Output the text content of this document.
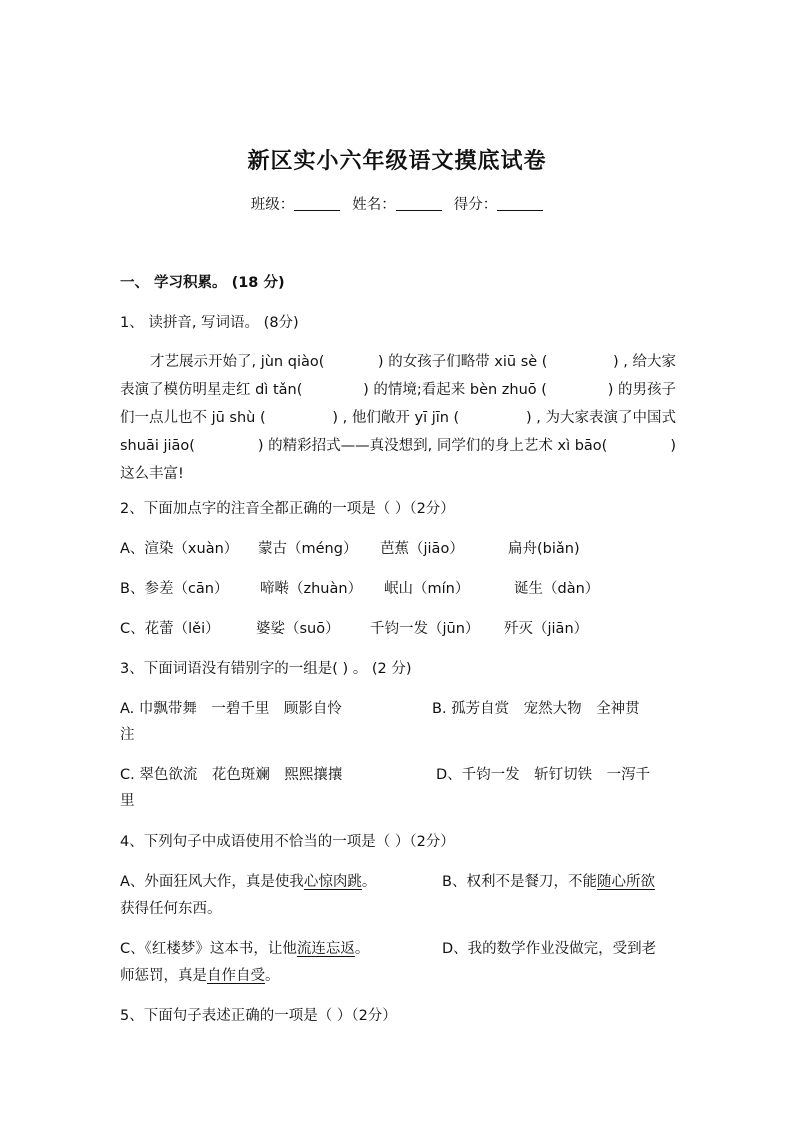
新区实小六年级语文摸底试卷
班级：	姓名：	得分：
一、 学习积累。 (18 分)
1、 读拼音, 写词语。 (8分)
才艺展示开始了, jùn qiào(	) 的女孩子们略带 xiū sè (	) , 给大家
表演了模仿明星走红 dì tǎn(	) 的情境;看起来 bèn zhuō (	) 的男孩子
们一点儿也不 jū shù (	) , 他们敞开 yī jīn (	) , 为大家表演了中国式
shuāi jiāo(	) 的精彩招式——真没想到, 同学们的身上艺术 xì bāo(	)
这么丰富!
2、下面加点字的注音全都正确的一项是（ ）（2分）
A、渲染（xuàn） 蒙古（méng） 芭蕉（jiāo）	扁舟(biǎn)
B、参差（cān） 啼啭（zhuàn） 岷山（mín）	诞生（dàn）
C、花蕾（lěi）	婆娑（suō） 千钧一发（jūn） 歼灭（jiān）
3、下面词语没有错别字的一组是( ) 。 (2 分)
A. 巾飘带舞　一碧千里　顾影自怜	B. 孤芳自赏　宠然大物　全神贯
注
C. 翠色欲流　花色斑斓　熙熙攘攘	D、千钧一发　斩钉切铁　一泻千
里
4、下列句子中成语使用不恰当的一项是（ ）（2分）
A、外面狂风大作，真是使我心惊肉跳。	B、权利不是餐刀，不能随心所欲
获得任何东西。
C、《红楼梦》这本书，让他流连忘返。	D、我的数学作业没做完，受到老
师惩罚，真是自作自受。
5、下面句子表述正确的一项是（ ）（2分）
